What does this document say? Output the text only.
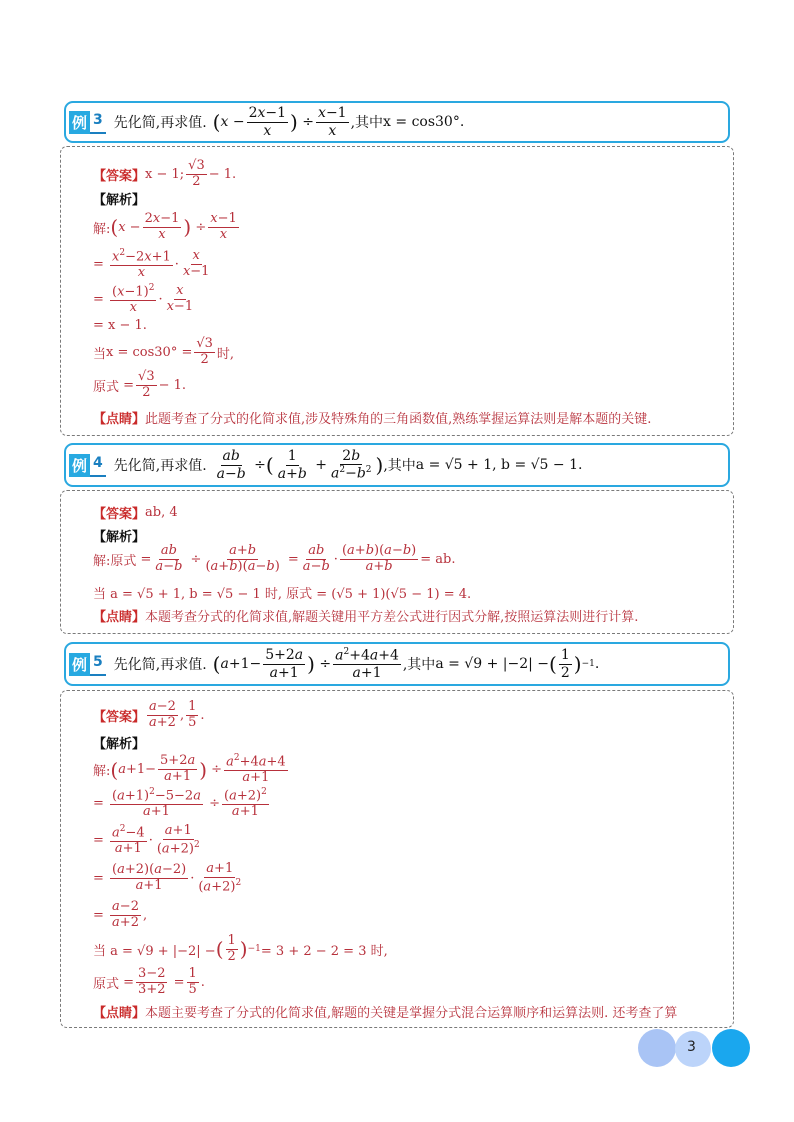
例 3 先化简,再求值. ( $x - \frac{2x-1}{x}$ ) ÷ $\frac{x-1}{x}$ ,其中 x = cos30°.
【答案】 x − 1; $\frac{√3}{2} - 1$.
【解析】
解: ( $x - \frac{2x-1}{x}$ ) ÷ $\frac{x-1}{x}$
= $\frac{x^2-2x+1}{x} \cdot \frac{x}{x-1}$
= $\frac{(x-1)^2}{x} \cdot \frac{x}{x-1}$
= x − 1.
当 $x = \cos 30^\circ = \frac{√3}{2}$ 时,
原式 = $\frac{√3}{2} - 1$.
【点睛】 此题考查了分式的化简求值,涉及特殊角的三角函数值,熟练掌握运算法则是解本题的关键.
例 4 先化简,再求值. $\frac{ab}{a-b}$ ÷ ( $\frac{1}{a+b} + \frac{2b}{a^2-b^2}$ ) ,其中 a = √5 + 1, b = √5 − 1.
【答案】 ab, 4
【解析】
解:原式 = $\frac{ab}{a-b} \div \frac{a+b}{(a+b)(a-b)} = \frac{ab}{a-b} \cdot \frac{(a+b)(a-b)}{a+b}$ = ab.
当 a = √5 + 1, b = √5 − 1 时, 原式 = (√5 + 1)(√5 − 1) = 4.
【点睛】 本题考查分式的化简求值,解题关键用平方差公式进行因式分解,按照运算法则进行计算.
例 5 先化简,再求值. ( $a +1- \frac{5+2a}{a+1}$ ) ÷ $\frac{a^2+4a+4}{a+1}$ ,其中 a = √9 + |−2| − ( $\frac{1}{2}$ ) −1 .
【答案】 $\frac{a-2}{a+2}$ , $\frac{1}{5}$ .
【解析】
解: ( $a +1- \frac{5+2a}{a+1}$ ) ÷ $\frac{a^2+4a+4}{a+1}$
= $\frac{(a+1)^2-5-2a}{a+1} \div \frac{(a+2)^2}{a+1}$
= $\frac{a^2-4}{a+1} \cdot \frac{a+1}{(a+2)^2}$
= $\frac{(a+2)(a-2)}{a+1} \cdot \frac{a+1}{(a+2)^2}$
= $\frac{a-2}{a+2}$ ,
当 a = √9 + |−2| − ( $\frac{1}{2}$ ) −1 = 3 + 2 − 2 = 3 时,
原式 = $\frac{3-2}{3+2} = \frac{1}{5}$ .
【点睛】 本题主要考查了分式的化简求值,解题的关键是掌握分式混合运算顺序和运算法则. 还考查了算
3
